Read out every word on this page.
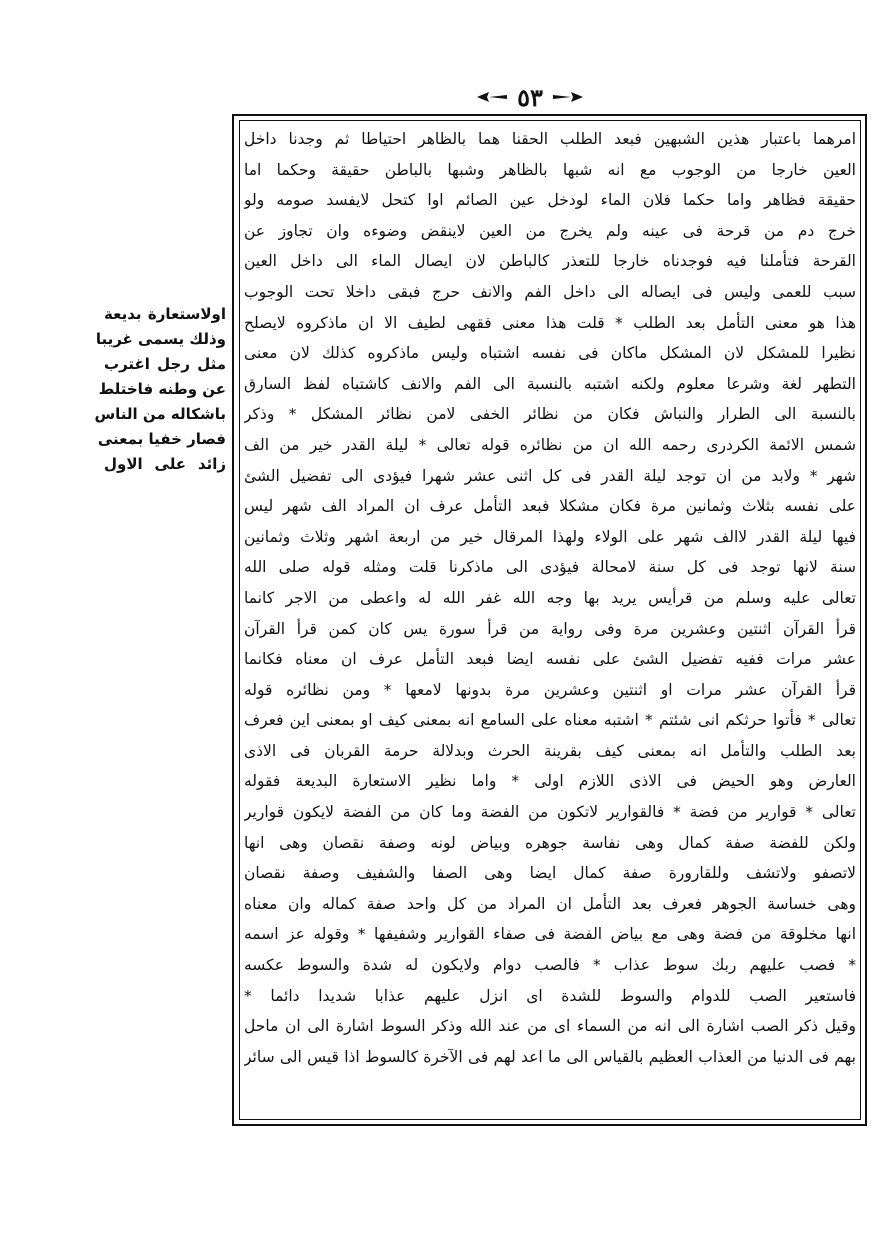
٥٣
اولاستعارة بديعة
وذلك يسمى غريبا
مثل رجل اغترب
عن وطنه فاختلط
باشكاله من الناس
فصار خفيا بمعنى
زائد على الاول
امرهما باعتبار هذين الشبهين فبعد الطلب الحقنا هما بالظاهر احتياطا ثم وجدنا داخل
العين خارجا من الوجوب مع انه شبها بالظاهر وشبها بالباطن حقيقة وحكما اما
حقيقة فظاهر واما حكما فلان الماء لودخل عين الصائم اوا كتحل لايفسد صومه ولو
خرج دم من قرحة فى عينه ولم يخرج من العين لاينقض وضوءه وان تجاوز عن
القرحة فتأملنا فيه فوجدناه خارجا للتعذر كالباطن لان ايصال الماء الى داخل العين
سبب للعمى وليس فى ايصاله الى داخل الفم والانف حرج فبقى داخلا تحت الوجوب
هذا هو معنى التأمل بعد الطلب * قلت هذا معنى فقهى لطيف الا ان ماذكروه لايصلح
نظيرا للمشكل لان المشكل ماكان فى نفسه اشتباه وليس ماذكروه كذلك لان معنى
التطهر لغة وشرعا معلوم ولكنه اشتبه بالنسبة الى الفم والانف كاشتباه لفظ السارق
بالنسبة الى الطرار والنباش فكان من نظائر الخفى لامن نظائر المشكل * وذكر
شمس الائمة الكردرى رحمه الله ان من نظائره قوله تعالى * ليلة القدر خير من الف
شهر * ولابد من ان توجد ليلة القدر فى كل اثنى عشر شهرا فيؤدى الى تفضيل الشئ
على نفسه بثلاث وثمانين مرة فكان مشكلا فبعد التأمل عرف ان المراد الف شهر ليس
فيها ليلة القدر لاالف شهر على الولاء ولهذا المرقال خير من اربعة اشهر وثلاث وثمانين
سنة لانها توجد فى كل سنة لامحالة فيؤدى الى ماذكرنا قلت ومثله قوله صلى الله
تعالى عليه وسلم من قرأيس يريد بها وجه الله غفر الله له واعطى من الاجر كانما
قرأ القرآن اثنتين وعشرين مرة وفى رواية من قرأ سورة يس كان كمن قرأ القرآن
عشر مرات ففيه تفضيل الشئ على نفسه ايضا فبعد التأمل عرف ان معناه فكانما
قرأ القرآن عشر مرات او اثنتين وعشرين مرة بدونها لامعها * ومن نظائره قوله
تعالى * فأتوا حرثكم انى شئتم * اشتبه معناه على السامع انه بمعنى كيف او بمعنى اين فعرف
بعد الطلب والتأمل انه بمعنى كيف بقرينة الحرث وبدلالة حرمة القربان فى الاذى
العارض وهو الحيض فى الاذى اللازم اولى * واما نظير الاستعارة البديعة فقوله
تعالى * قوارير من فضة * فالقوارير لاتكون من الفضة وما كان من الفضة لايكون قوارير
ولكن للفضة صفة كمال وهى نفاسة جوهره وبياض لونه وصفة نقصان وهى انها
لاتصفو ولاتشف وللقارورة صفة كمال ايضا وهى الصفا والشفيف وصفة نقصان
وهى خساسة الجوهر فعرف بعد التأمل ان المراد من كل واحد صفة كماله وان معناه
انها مخلوقة من فضة وهى مع بياض الفضة فى صفاء القوارير وشفيفها * وقوله عز اسمه
* فصب عليهم ربك سوط عذاب * فالصب دوام ولايكون له شدة والسوط عكسه
فاستعير الصب للدوام والسوط للشدة اى انزل عليهم عذابا شديدا دائما *
وقيل ذكر الصب اشارة الى انه من السماء اى من عند الله وذكر السوط اشارة الى ان ماحل
بهم فى الدنيا من العذاب العظيم بالقياس الى ما اعد لهم فى الآخرة كالسوط اذا قيس الى سائر
